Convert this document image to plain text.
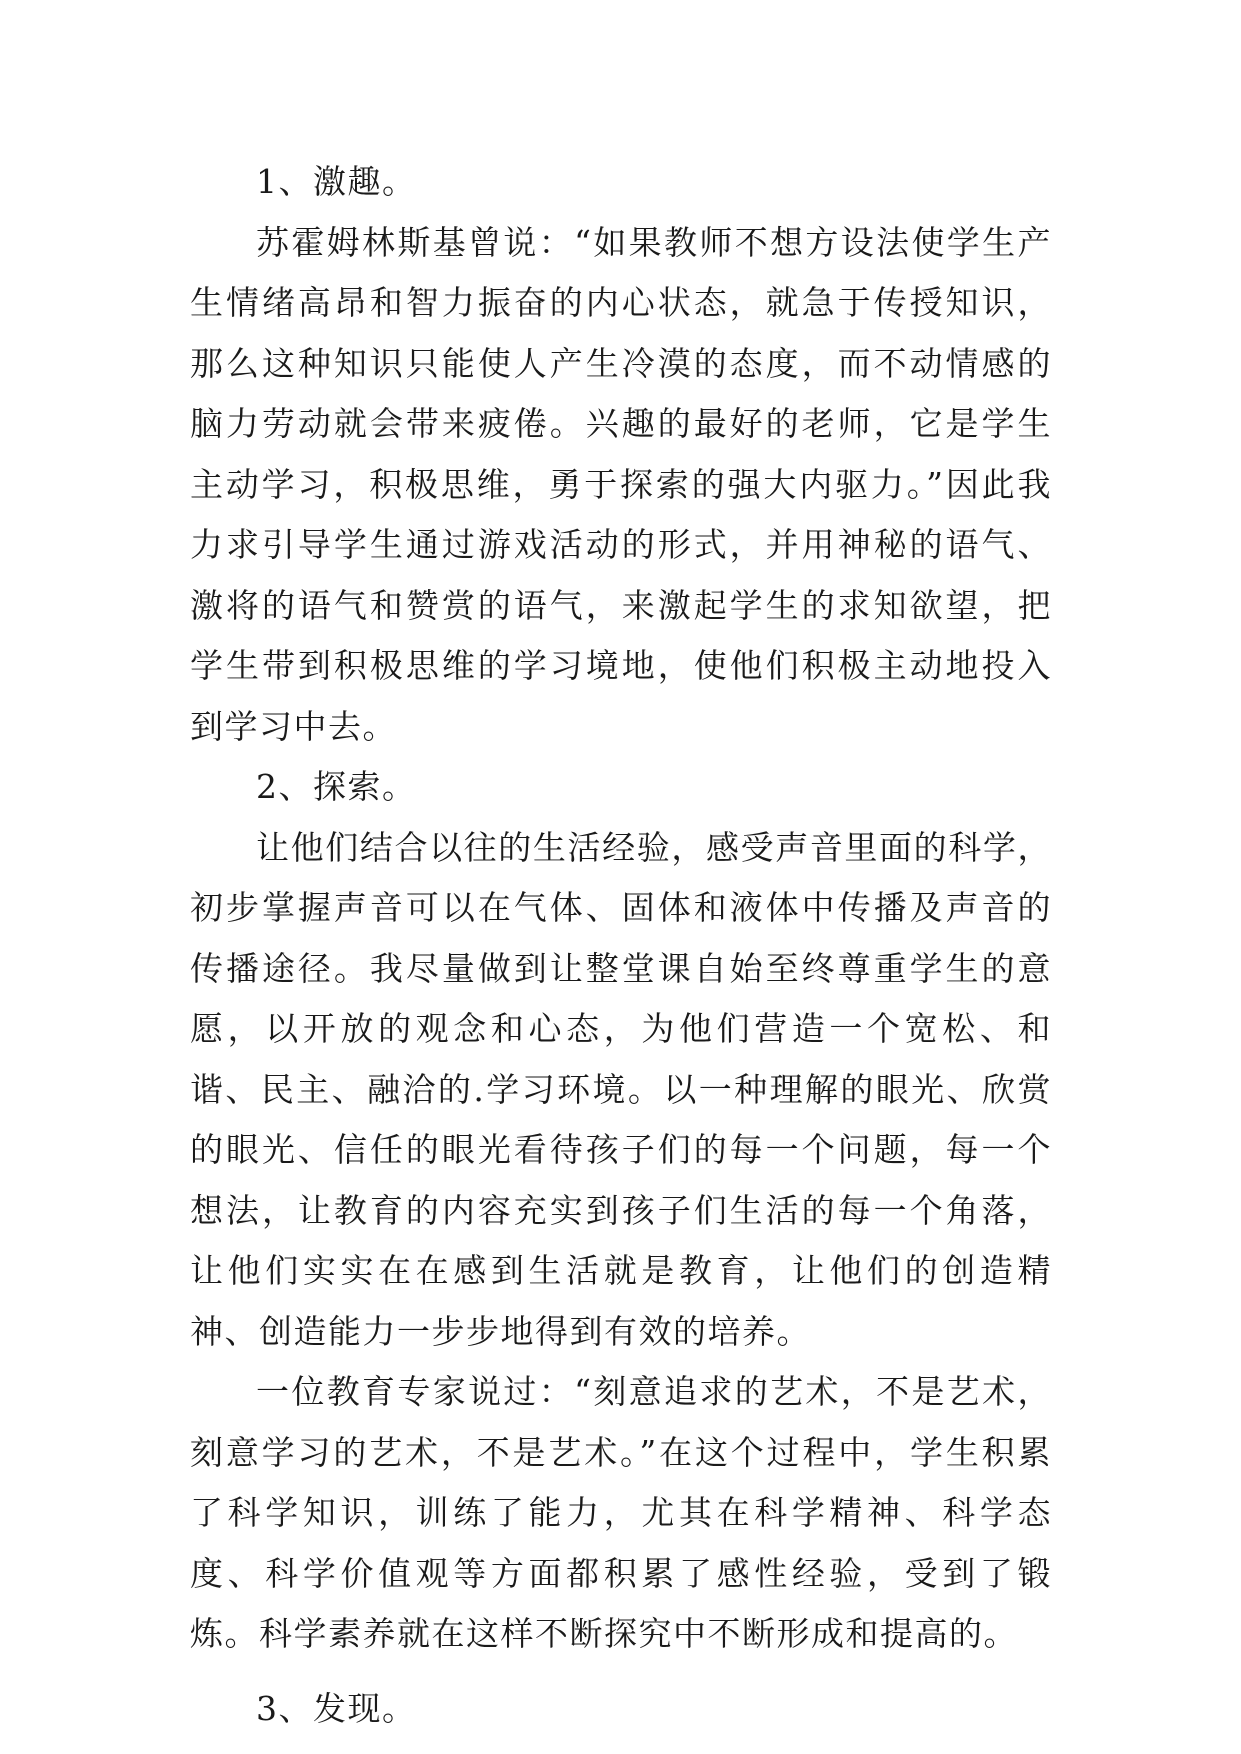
1、激趣。

苏霍姆林斯基曾说：“如果教师不想方设法使学生产生情绪高昂和智力振奋的内心状态，就急于传授知识，那么这种知识只能使人产生冷漠的态度，而不动情感的脑力劳动就会带来疲倦。兴趣的最好的老师，它是学生主动学习，积极思维，勇于探索的强大内驱力。”因此我力求引导学生通过游戏活动的形式，并用神秘的语气、激将的语气和赞赏的语气，来激起学生的求知欲望，把学生带到积极思维的学习境地，使他们积极主动地投入到学习中去。

2、探索。

让他们结合以往的生活经验，感受声音里面的科学，初步掌握声音可以在气体、固体和液体中传播及声音的传播途径。我尽量做到让整堂课自始至终尊重学生的意愿，以开放的观念和心态，为他们营造一个宽松、和谐、民主、融洽的.学习环境。以一种理解的眼光、欣赏的眼光、信任的眼光看待孩子们的每一个问题，每一个想法，让教育的内容充实到孩子们生活的每一个角落，让他们实实在在感到生活就是教育，让他们的创造精神、创造能力一步步地得到有效的培养。

一位教育专家说过：“刻意追求的艺术，不是艺术，刻意学习的艺术，不是艺术。”在这个过程中，学生积累了科学知识，训练了能力，尤其在科学精神、科学态度、科学价值观等方面都积累了感性经验，受到了锻炼。科学素养就在这样不断探究中不断形成和提高的。

3、发现。
